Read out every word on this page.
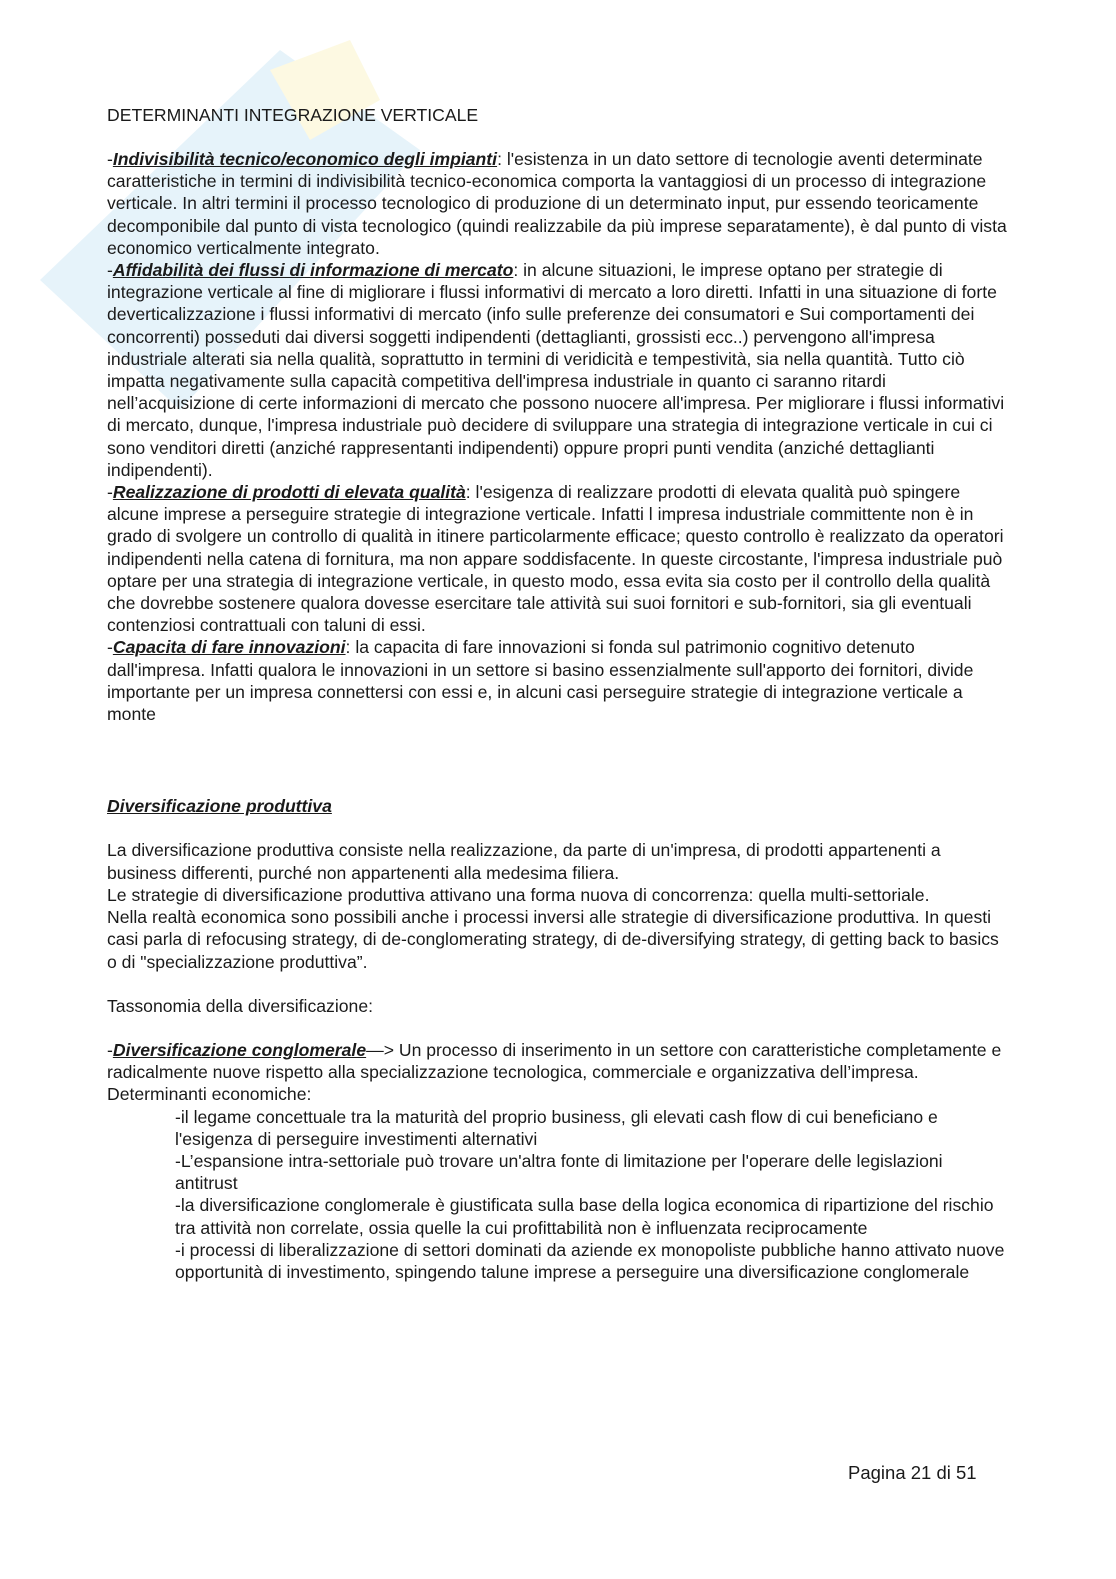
DETERMINANTI INTEGRAZIONE VERTICALE

-Indivisibilità tecnico/economico degli impianti: l'esistenza in un dato settore di tecnologie aventi determinate caratteristiche in termini di indivisibilità tecnico-economica comporta la vantaggiosi di un processo di integrazione verticale. In altri termini il processo tecnologico di produzione di un determinato input, pur essendo teoricamente decomponibile dal punto di vista tecnologico (quindi realizzabile da più imprese separatamente), è dal punto di vista economico verticalmente integrato.

-Affidabilità dei flussi di informazione di mercato: in alcune situazioni, le imprese optano per strategie di integrazione verticale al fine di migliorare i flussi informativi di mercato a loro diretti. Infatti in una situazione di forte deverticalizzazione i flussi informativi di mercato (info sulle preferenze dei consumatori e Sui comportamenti dei concorrenti) posseduti dai diversi soggetti indipendenti (dettaglianti, grossisti ecc..) pervengono all'impresa industriale alterati sia nella qualità, soprattutto in termini di veridicità e tempestività, sia nella quantità. Tutto ciò impatta negativamente sulla capacità competitiva dell'impresa industriale in quanto ci saranno ritardi nell’acquisizione di certe informazioni di mercato che possono nuocere all'impresa. Per migliorare i flussi informativi di mercato, dunque, l'impresa industriale può decidere di sviluppare una strategia di integrazione verticale in cui ci sono venditori diretti (anziché rappresentanti indipendenti) oppure propri punti vendita (anziché dettaglianti indipendenti).

-Realizzazione di prodotti di elevata qualità: l'esigenza di realizzare prodotti di elevata qualità può spingere alcune imprese a perseguire strategie di integrazione verticale. Infatti l impresa industriale committente non è in grado di svolgere un controllo di qualità in itinere particolarmente efficace; questo controllo è realizzato da operatori indipendenti nella catena di fornitura, ma non appare soddisfacente. In queste circostante, l'impresa industriale può optare per una strategia di integrazione verticale, in questo modo, essa evita sia costo per il controllo della qualità che dovrebbe sostenere qualora dovesse esercitare tale attività sui suoi fornitori e sub-fornitori, sia gli eventuali contenziosi contrattuali con taluni di essi.

-Capacita di fare innovazioni: la capacita di fare innovazioni si fonda sul patrimonio cognitivo detenuto dall'impresa. Infatti qualora le innovazioni in un settore si basino essenzialmente sull'apporto dei fornitori, divide importante per un impresa connettersi con essi e, in alcuni casi perseguire strategie di integrazione verticale a monte

Diversificazione produttiva

La diversificazione produttiva consiste nella realizzazione, da parte di un'impresa, di prodotti appartenenti a business differenti, purché non appartenenti alla medesima filiera.

Le strategie di diversificazione produttiva attivano una forma nuova di concorrenza: quella multi-settoriale.

Nella realtà economica sono possibili anche i processi inversi alle strategie di diversificazione produttiva. In questi casi parla di refocusing strategy, di de-conglomerating strategy, di de-diversifying strategy, di getting back to basics o di "specializzazione produttiva”.

Tassonomia della diversificazione:

-Diversificazione conglomerale—> Un processo di inserimento in un settore con caratteristiche completamente e radicalmente nuove rispetto alla specializzazione tecnologica, commerciale e organizzativa dell’impresa.

Determinanti economiche:

-il legame concettuale tra la maturità del proprio business, gli elevati cash flow di cui beneficiano e l'esigenza di perseguire investimenti alternativi

-L’espansione intra-settoriale può trovare un'altra fonte di limitazione per l'operare delle legislazioni antitrust

-la diversificazione conglomerale è giustificata sulla base della logica economica di ripartizione del rischio tra attività non correlate, ossia quelle la cui profittabilità non è influenzata reciprocamente

-i processi di liberalizzazione di settori dominati da aziende ex monopoliste pubbliche hanno attivato nuove opportunità di investimento, spingendo talune imprese a perseguire una diversificazione conglomerale

Pagina 21 di 51
